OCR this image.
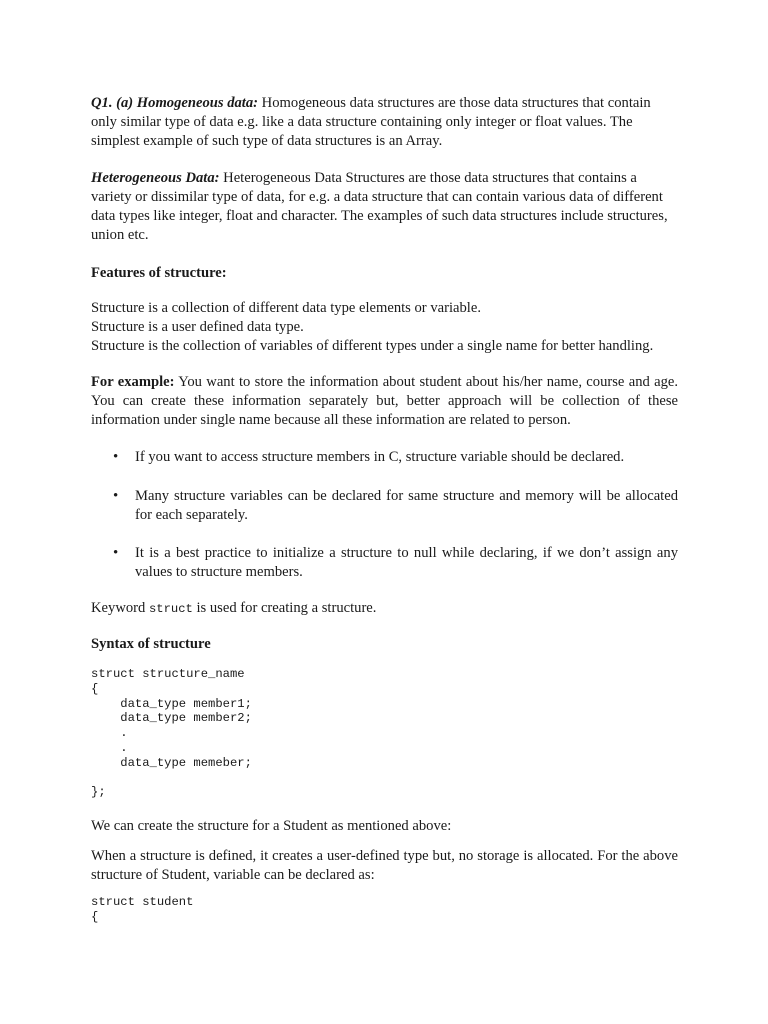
Q1. (a) Homogeneous data: Homogeneous data structures are those data structures that contain only similar type of data e.g. like a data structure containing only integer or float values. The simplest example of such type of data structures is an Array.

Heterogeneous Data: Heterogeneous Data Structures are those data structures that contains a variety or dissimilar type of data, for e.g. a data structure that can contain various data of different data types like integer, float and character. The examples of such data structures include structures, union etc.

Features of structure:

Structure is a collection of different data type elements or variable.

Structure is a user defined data type.

Structure is the collection of variables of different types under a single name for better handling.

For example: You want to store the information about student about his/her name, course and age. You can create these information separately but, better approach will be collection of these information under single name because all these information are related to person.

• If you want to access structure members in C, structure variable should be declared.
• Many structure variables can be declared for same structure and memory will be allocated for each separately.
• It is a best practice to initialize a structure to null while declaring, if we don’t assign any values to structure members.

Keyword struct is used for creating a structure.

Syntax of structure

struct structure_name
{
data_type member1;
data_type member2;
.
.
data_type memeber;

};

We can create the structure for a Student as mentioned above:

When a structure is defined, it creates a user-defined type but, no storage is allocated. For the above structure of Student, variable can be declared as:

struct student
{
